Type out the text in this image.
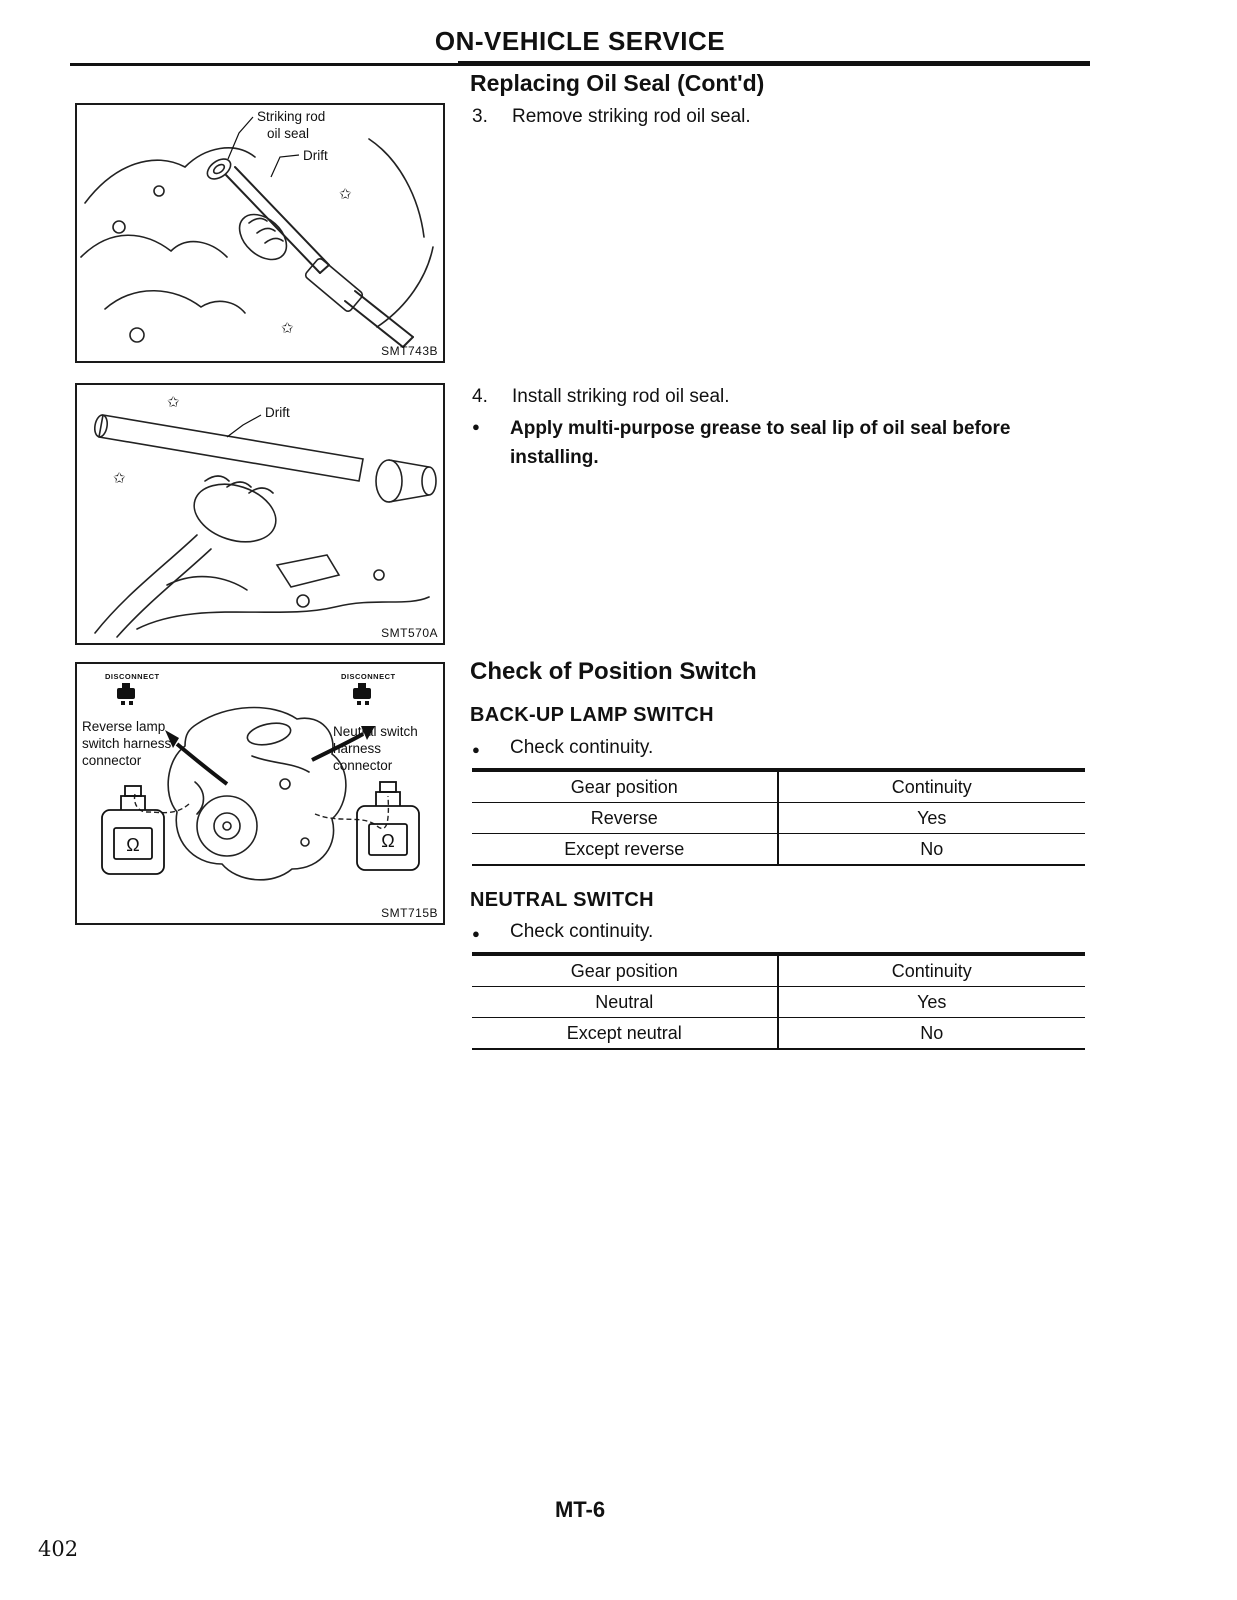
ON-VEHICLE SERVICE
Replacing Oil Seal (Cont'd)
3. Remove striking rod oil seal.
✩
✩
Striking rod
oil seal
Drift
SMT743B
4. Install striking rod oil seal.
● Apply multi-purpose grease to seal lip of oil seal before installing.
✩
✩
Drift
SMT570A
Check of Position Switch
BACK-UP LAMP SWITCH
● Check continuity.
Gear position	Continuity
Reverse	Yes
Except reverse	No
NEUTRAL SWITCH
● Check continuity.
Gear position	Continuity
Neutral	Yes
Except neutral	No
DISCONNECT	DISCONNECT
Ω	Ω
Reverse lamp
switch harness
connector
Neutral switch
harness
connector
SMT715B
MT-6
402
